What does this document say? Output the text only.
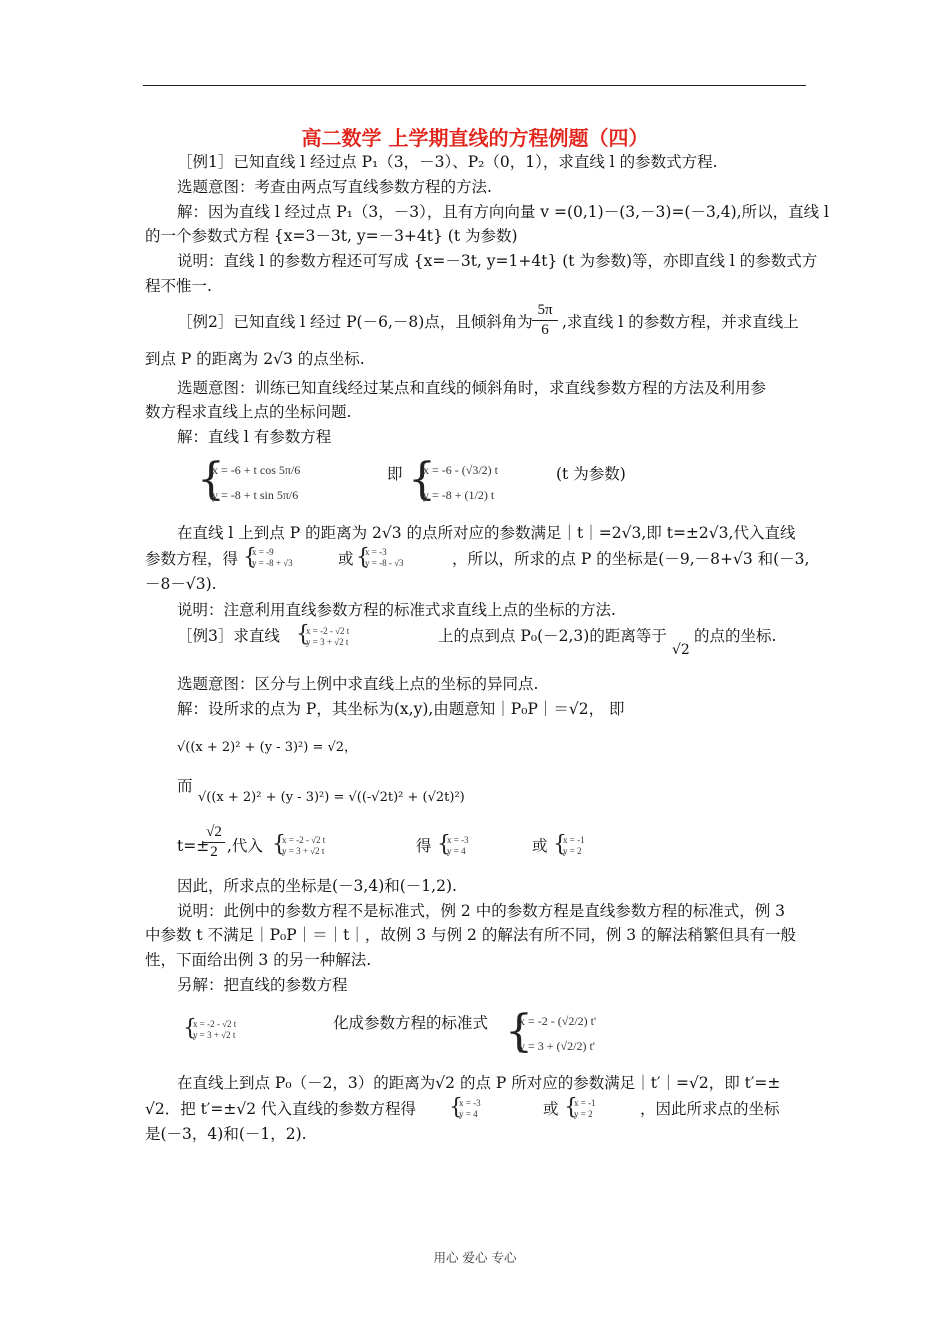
高二数学 上学期直线的方程例题（四）
［例1］已知直线 l 经过点 P₁（3，－3）、P₂（0，1），求直线 l 的参数式方程.
选题意图：考查由两点写直线参数方程的方法.
解：因为直线 l 经过点 P₁（3，－3），且有方向向量 v =(0,1)－(3,－3)=(－3,4),所以，直线 l
的一个参数式方程 {x=3－3t, y=－3+4t} (t 为参数)
说明：直线 l 的参数方程还可写成 {x=－3t, y=1+4t} (t 为参数)等，亦即直线 l 的参数式方
程不惟一.
［例2］已知直线 l 经过 P(－6,－8)点，且倾斜角为
5π
6 ,求直线 l 的参数方程，并求直线上
到点 P 的距离为 2√3 的点坐标.
选题意图：训练已知直线经过某点和直线的倾斜角时，求直线参数方程的方法及利用参
数方程求直线上点的坐标问题.
解：直线 l 有参数方程
{
x = -6 + t cos 5π/6
y = -8 + t sin 5π/6
即 {
x = -6 - (√3/2) t
y = -8 + (1/2) t
(t 为参数)
在直线 l 上到点 P 的距离为 2√3 的点所对应的参数满足｜t｜=2√3,即 t=±2√3,代入直线
参数方程，得 {
x = -9
y = -8 + √3	或 {
x = -3
y = -8 - √3	，所以，所求的点 P 的坐标是(－9,－8+√3 和(－3,
－8－√3).
说明：注意利用直线参数方程的标准式求直线上点的坐标的方法.
［例3］求直线 {
x = -2 - √2 t
y = 3 + √2 t	上的点到点 P₀(－2,3)的距离等于
√2
的点的坐标.
选题意图：区分与上例中求直线上点的坐标的异同点.
解：设所求的点为 P，其坐标为(x,y),由题意知｜P₀P｜＝√2， 即
√((x + 2)² + (y - 3)²) = √2，
而
√((x + 2)² + (y - 3)²) = √((-√2t)² + (√2t)²)
t=±
√2
2 ,代入 {
x = -2 - √2 t
y = 3 + √2 t	得 {
x = -3
y = 4	或 {
x = -1
y = 2
因此，所求点的坐标是(－3,4)和(－1,2).
说明：此例中的参数方程不是标准式，例 2 中的参数方程是直线参数方程的标准式，例 3
中参数 t 不满足｜P₀P｜＝｜t｜，故例 3 与例 2 的解法有所不同，例 3 的解法稍繁但具有一般
性，下面给出例 3 的另一种解法.
另解：把直线的参数方程
{
x = -2 - √2 t
y = 3 + √2 t
化成参数方程的标准式 {
x = -2 - (√2/2) t'
y = 3 + (√2/2) t'
在直线上到点 P₀（－2，3）的距离为√2 的点 P 所对应的参数满足｜t′｜=√2，即 t′=±
√2．把 t′=±√2 代入直线的参数方程得 {
x = -3
y = 4	或 {
x = -1
y = 2	，因此所求点的坐标
是(－3，4)和(－1，2).
用心 爱心 专心
